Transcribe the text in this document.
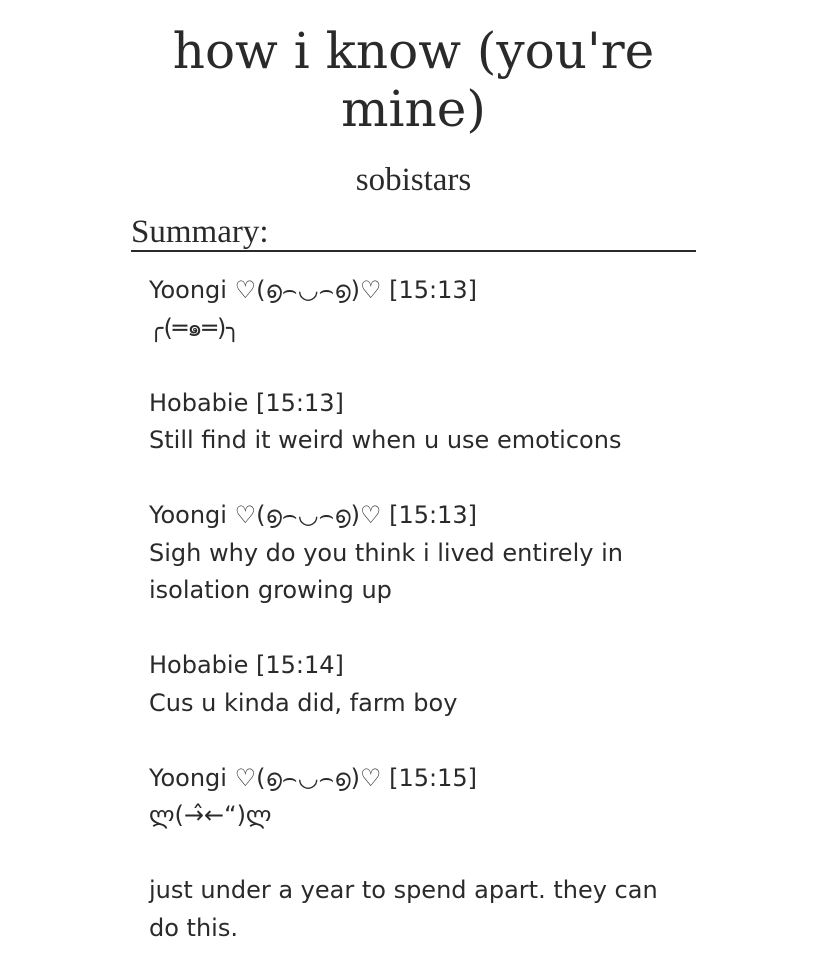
how i know (you're
mine)
sobistars
Summary:
Yoongi ♡(൭⌢◡⌢൭)♡ [15:13]
╭(═๑═)╮
Hobabie [15:13]
Still find it weird when u use emoticons
Yoongi ♡(൭⌢◡⌢൭)♡ [15:13]
Sigh why do you think i lived entirely in isolation growing up
Hobabie [15:14]
Cus u kinda did, farm boy
Yoongi ♡(൭⌢◡⌢൭)♡ [15:15]
ლ(→̂←“)ლ

just under a year to spend apart. they can do this.
